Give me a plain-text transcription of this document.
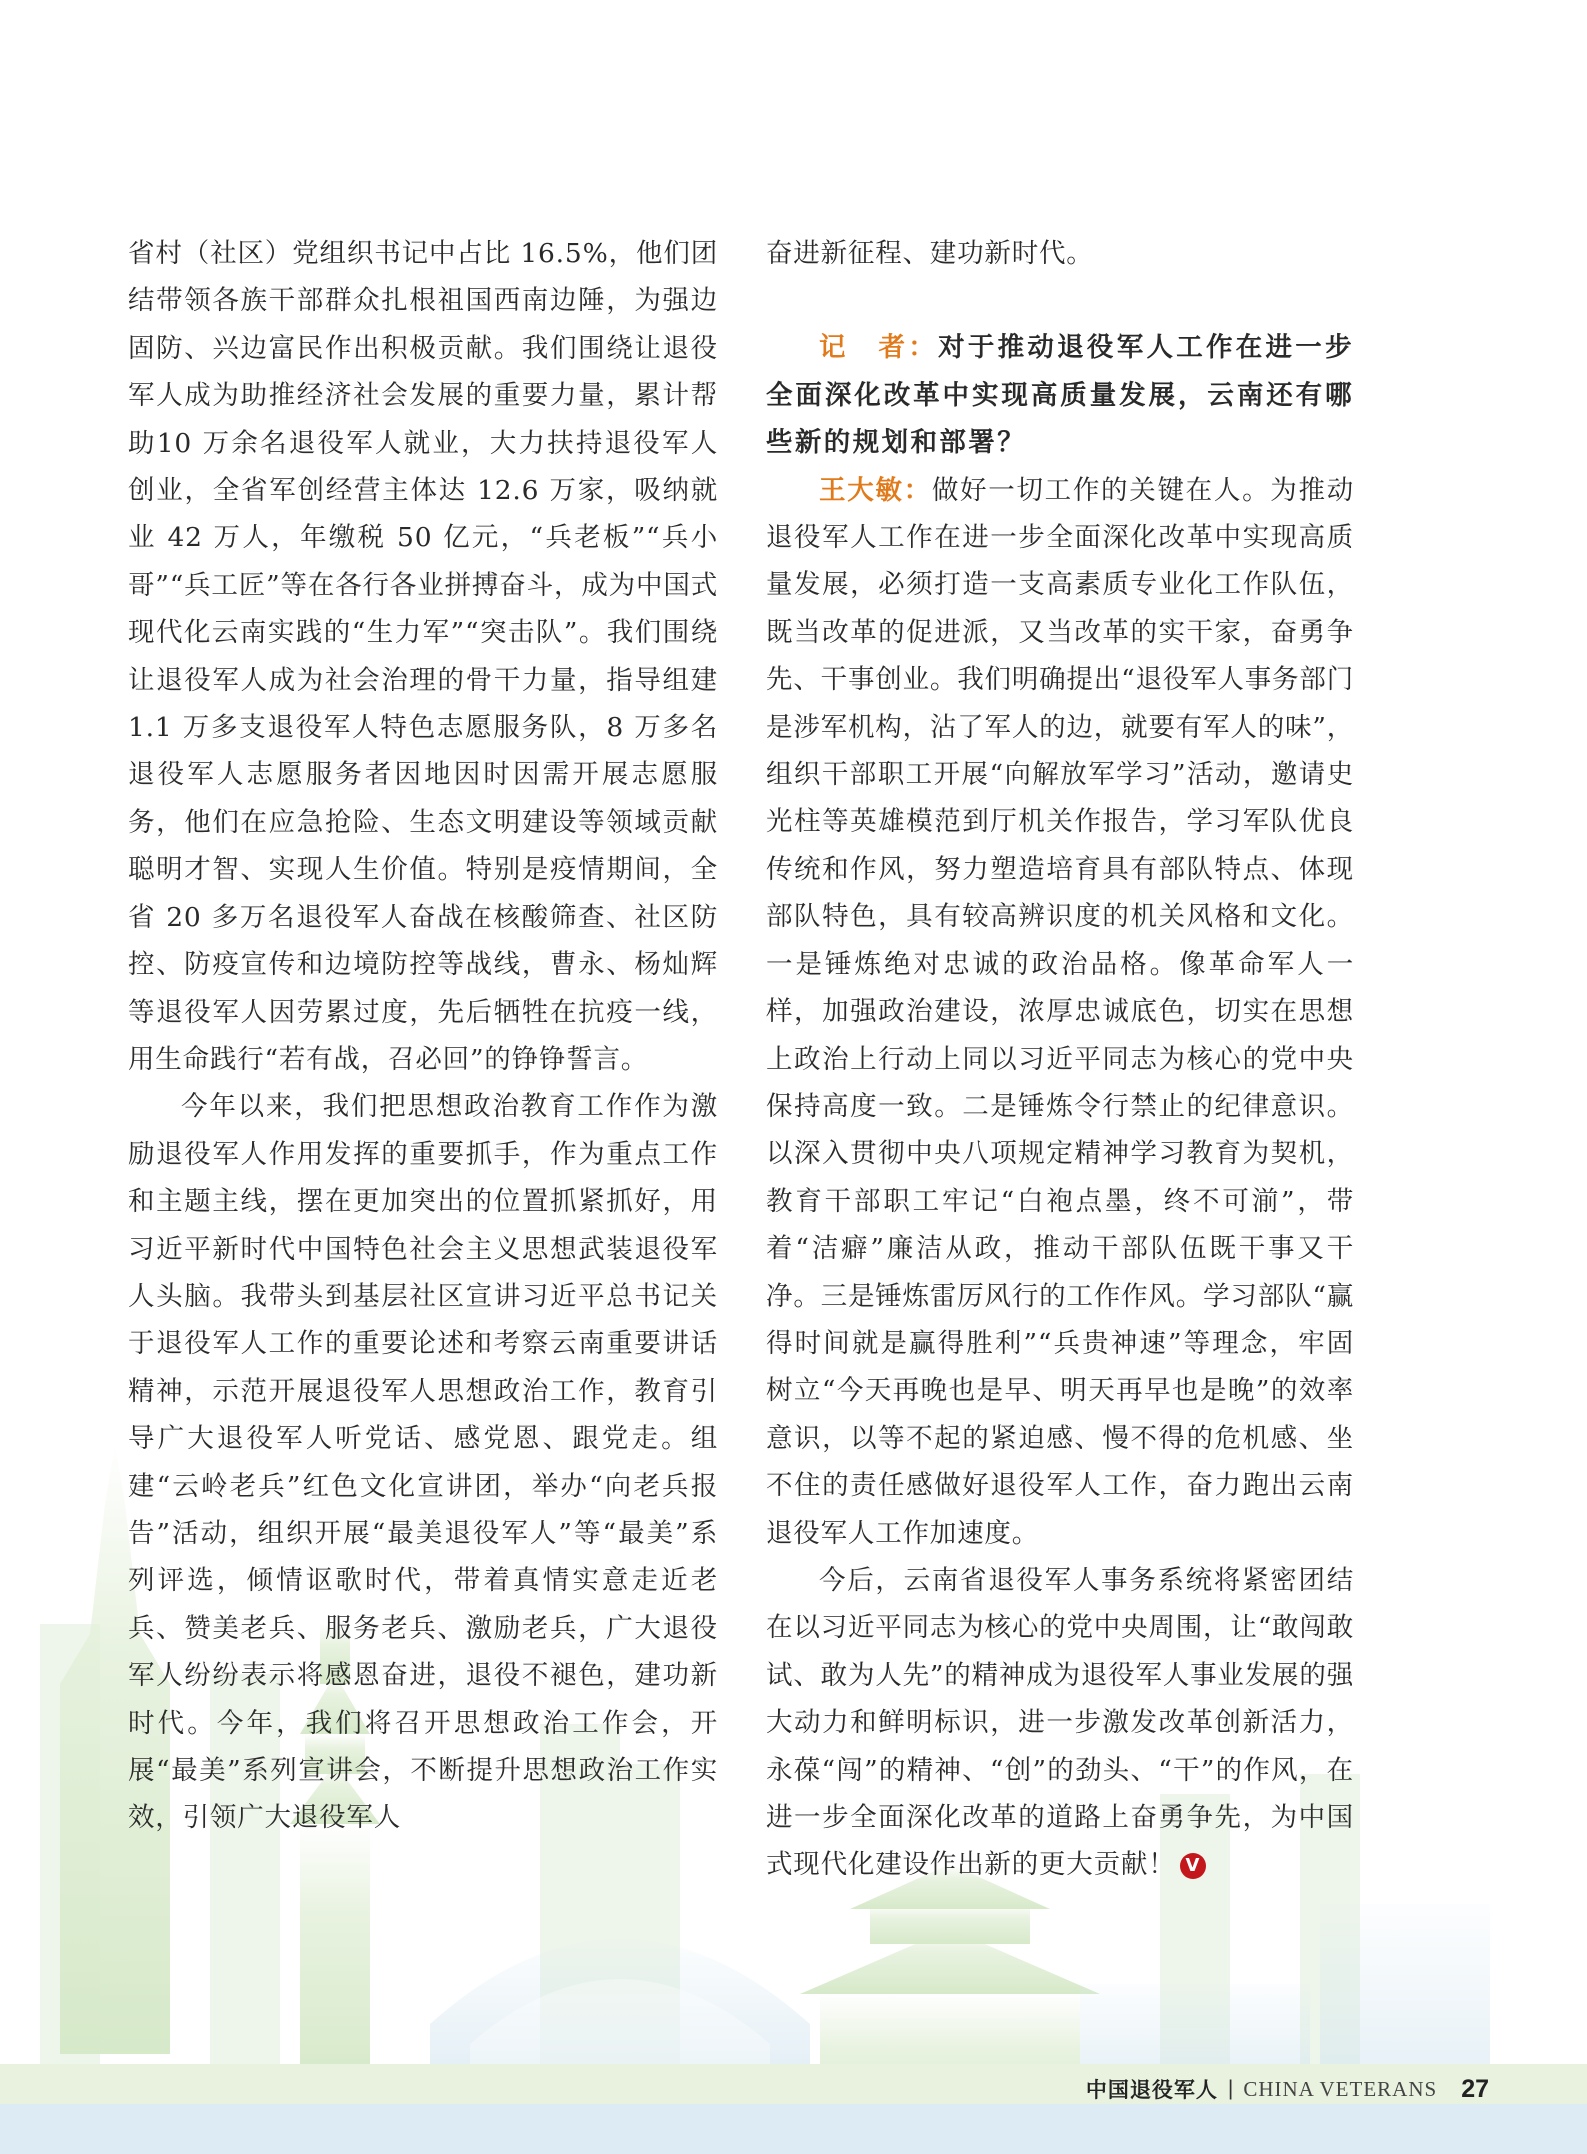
省村（社区）党组织书记中占比 16.5%，他们团结带领各族干部群众扎根祖国西南边陲，为强边固防、兴边富民作出积极贡献。我们围绕让退役军人成为助推经济社会发展的重要力量，累计帮助10 万余名退役军人就业，大力扶持退役军人创业，全省军创经营主体达 12.6 万家，吸纳就业 42 万人，年缴税 50 亿元，“兵老板”“兵小哥”“兵工匠”等在各行各业拼搏奋斗，成为中国式现代化云南实践的“生力军”“突击队”。我们围绕让退役军人成为社会治理的骨干力量，指导组建 1.1 万多支退役军人特色志愿服务队，8 万多名退役军人志愿服务者因地因时因需开展志愿服务，他们在应急抢险、生态文明建设等领域贡献聪明才智、实现人生价值。特别是疫情期间，全省 20 多万名退役军人奋战在核酸筛查、社区防控、防疫宣传和边境防控等战线，曹永、杨灿辉等退役军人因劳累过度，先后牺牲在抗疫一线，用生命践行“若有战，召必回”的铮铮誓言。

今年以来，我们把思想政治教育工作作为激励退役军人作用发挥的重要抓手，作为重点工作和主题主线，摆在更加突出的位置抓紧抓好，用习近平新时代中国特色社会主义思想武装退役军人头脑。我带头到基层社区宣讲习近平总书记关于退役军人工作的重要论述和考察云南重要讲话精神，示范开展退役军人思想政治工作，教育引导广大退役军人听党话、感党恩、跟党走。组建“云岭老兵”红色文化宣讲团，举办“向老兵报告”活动，组织开展“最美退役军人”等“最美”系列评选，倾情讴歌时代，带着真情实意走近老兵、赞美老兵、服务老兵、激励老兵，广大退役军人纷纷表示将感恩奋进，退役不褪色，建功新时代。今年，我们将召开思想政治工作会，开展“最美”系列宣讲会，不断提升思想政治工作实效，引领广大退役军人

奋进新征程、建功新时代。

记　者：对于推动退役军人工作在进一步全面深化改革中实现高质量发展，云南还有哪些新的规划和部署？

王大敏：做好一切工作的关键在人。为推动退役军人工作在进一步全面深化改革中实现高质量发展，必须打造一支高素质专业化工作队伍，既当改革的促进派，又当改革的实干家，奋勇争先、干事创业。我们明确提出“退役军人事务部门是涉军机构，沾了军人的边，就要有军人的味”，组织干部职工开展“向解放军学习”活动，邀请史光柱等英雄模范到厅机关作报告，学习军队优良传统和作风，努力塑造培育具有部队特点、体现部队特色，具有较高辨识度的机关风格和文化。一是锤炼绝对忠诚的政治品格。像革命军人一样，加强政治建设，浓厚忠诚底色，切实在思想上政治上行动上同以习近平同志为核心的党中央保持高度一致。二是锤炼令行禁止的纪律意识。以深入贯彻中央八项规定精神学习教育为契机，教育干部职工牢记“白袍点墨，终不可湔”，带着“洁癖”廉洁从政，推动干部队伍既干事又干净。三是锤炼雷厉风行的工作作风。学习部队“赢得时间就是赢得胜利”“兵贵神速”等理念，牢固树立“今天再晚也是早、明天再早也是晚”的效率意识，以等不起的紧迫感、慢不得的危机感、坐不住的责任感做好退役军人工作，奋力跑出云南退役军人工作加速度。

今后，云南省退役军人事务系统将紧密团结在以习近平同志为核心的党中央周围，让“敢闯敢试、敢为人先”的精神成为退役军人事业发展的强大动力和鲜明标识，进一步激发改革创新活力，永葆“闯”的精神、“创”的劲头、“干”的作风，在进一步全面深化改革的道路上奋勇争先，为中国式现代化建设作出新的更大贡献！ V

中国退役军人 | CHINA VETERANS 27
